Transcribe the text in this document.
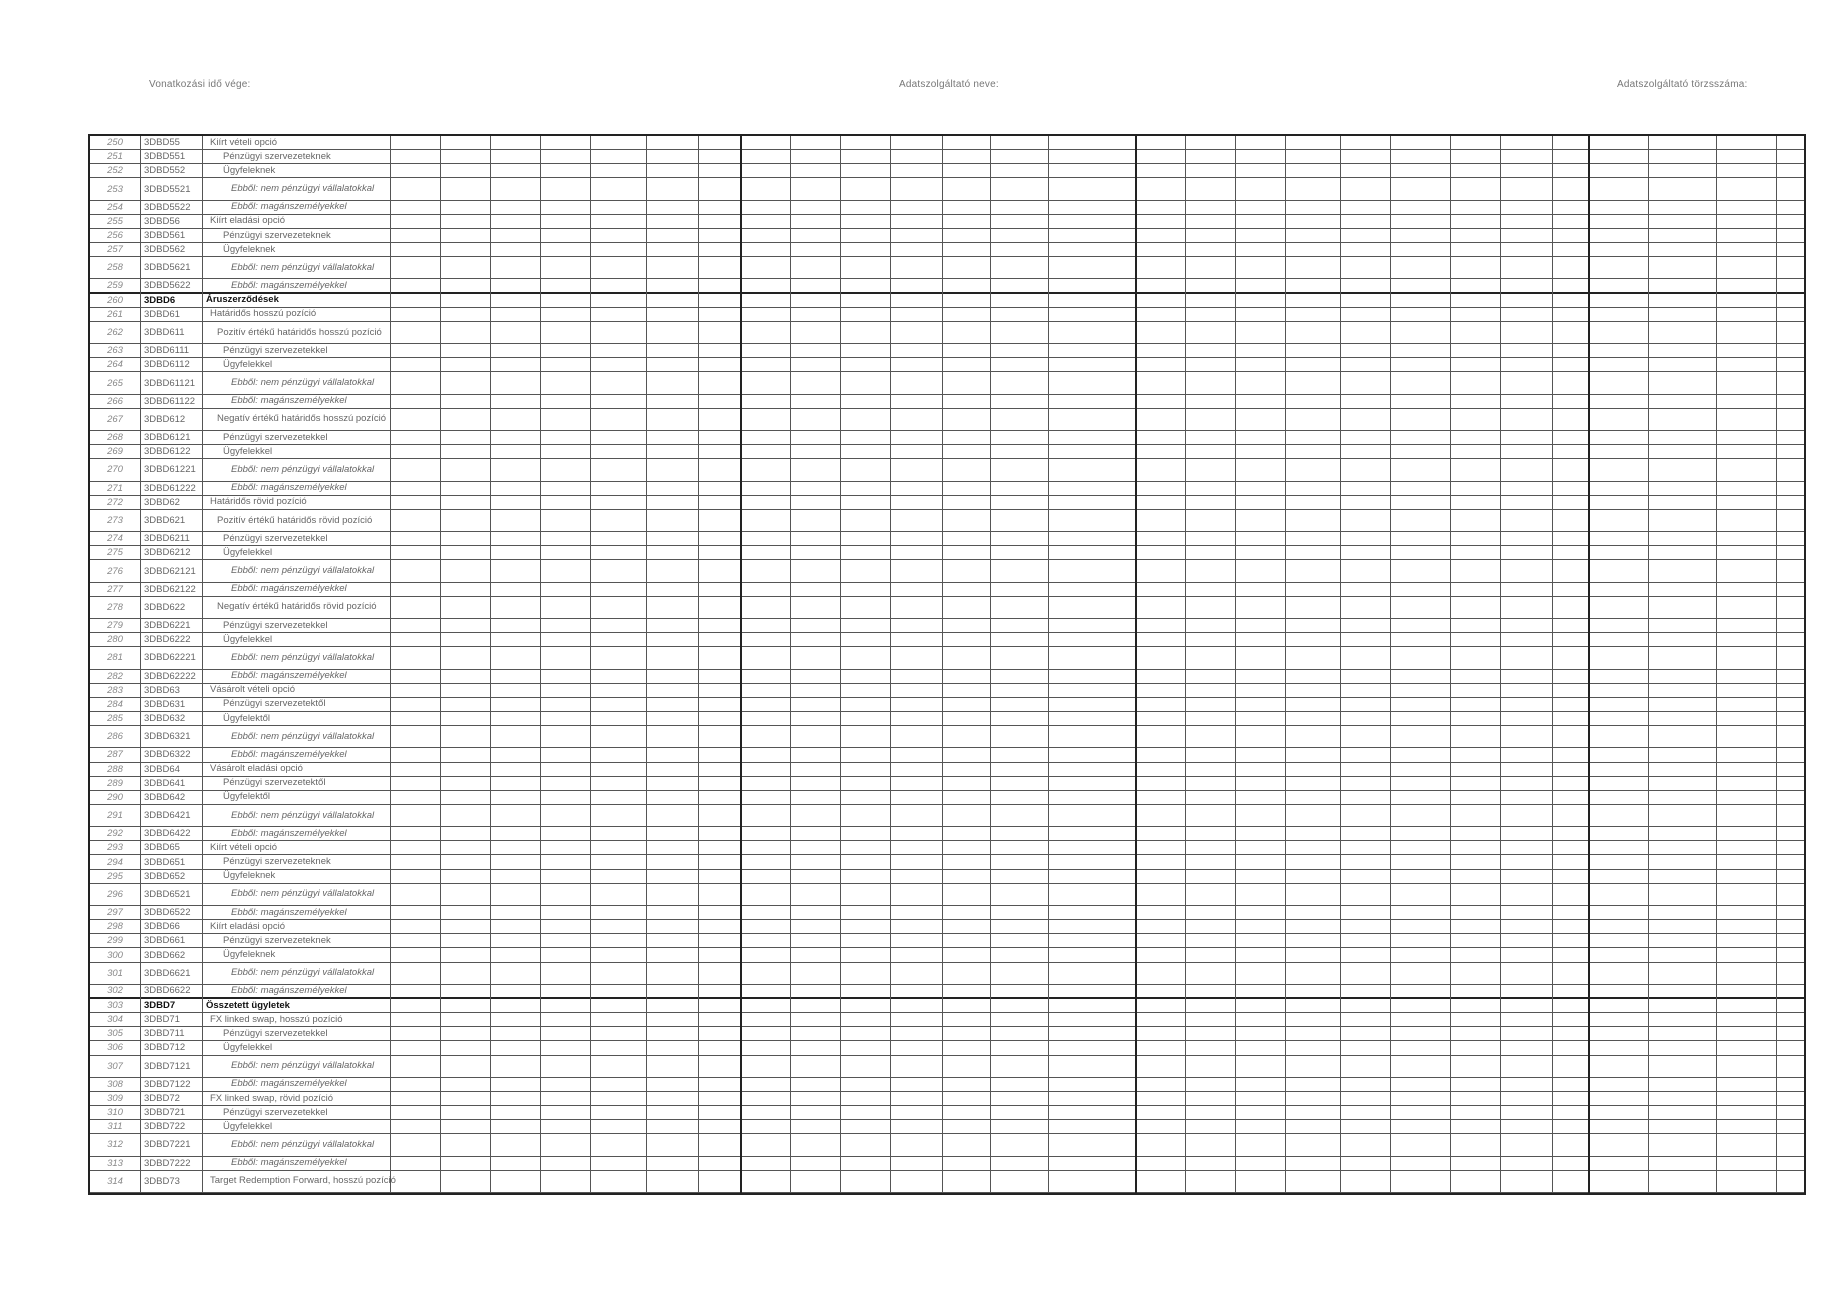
Vonatkozási idő vége:	Adatszolgáltató neve:	Adatszolgáltató törzsszáma:
250	3DBD55	Kiírt vételi opció
251	3DBD551	Pénzügyi szervezeteknek
252	3DBD552	Ügyfeleknek
253	3DBD5521	Ebből: nem pénzügyi vállalatokkal
254	3DBD5522	Ebből: magánszemélyekkel
255	3DBD56	Kiírt eladási opció
256	3DBD561	Pénzügyi szervezeteknek
257	3DBD562	Ügyfeleknek
258	3DBD5621	Ebből: nem pénzügyi vállalatokkal
259	3DBD5622	Ebből: magánszemélyekkel
260	3DBD6	Áruszerződések
261	3DBD61	Határidős hosszú pozíció
262	3DBD611	Pozitív értékű határidős hosszú pozíció
263	3DBD6111	Pénzügyi szervezetekkel
264	3DBD6112	Ügyfelekkel
265	3DBD61121	Ebből: nem pénzügyi vállalatokkal
266	3DBD61122	Ebből: magánszemélyekkel
267	3DBD612	Negatív értékű határidős hosszú pozíció
268	3DBD6121	Pénzügyi szervezetekkel
269	3DBD6122	Ügyfelekkel
270	3DBD61221	Ebből: nem pénzügyi vállalatokkal
271	3DBD61222	Ebből: magánszemélyekkel
272	3DBD62	Határidős rövid pozíció
273	3DBD621	Pozitív értékű határidős rövid pozíció
274	3DBD6211	Pénzügyi szervezetekkel
275	3DBD6212	Ügyfelekkel
276	3DBD62121	Ebből: nem pénzügyi vállalatokkal
277	3DBD62122	Ebből: magánszemélyekkel
278	3DBD622	Negatív értékű határidős rövid pozíció
279	3DBD6221	Pénzügyi szervezetekkel
280	3DBD6222	Ügyfelekkel
281	3DBD62221	Ebből: nem pénzügyi vállalatokkal
282	3DBD62222	Ebből: magánszemélyekkel
283	3DBD63	Vásárolt vételi opció
284	3DBD631	Pénzügyi szervezetektől
285	3DBD632	Ügyfelektől
286	3DBD6321	Ebből: nem pénzügyi vállalatokkal
287	3DBD6322	Ebből: magánszemélyekkel
288	3DBD64	Vásárolt eladási opció
289	3DBD641	Pénzügyi szervezetektől
290	3DBD642	Ügyfelektől
291	3DBD6421	Ebből: nem pénzügyi vállalatokkal
292	3DBD6422	Ebből: magánszemélyekkel
293	3DBD65	Kiírt vételi opció
294	3DBD651	Pénzügyi szervezeteknek
295	3DBD652	Ügyfeleknek
296	3DBD6521	Ebből: nem pénzügyi vállalatokkal
297	3DBD6522	Ebből: magánszemélyekkel
298	3DBD66	Kiírt eladási opció
299	3DBD661	Pénzügyi szervezeteknek
300	3DBD662	Ügyfeleknek
301	3DBD6621	Ebből: nem pénzügyi vállalatokkal
302	3DBD6622	Ebből: magánszemélyekkel
303	3DBD7	Összetett ügyletek
304	3DBD71	FX linked swap, hosszú pozíció
305	3DBD711	Pénzügyi szervezetekkel
306	3DBD712	Ügyfelekkel
307	3DBD7121	Ebből: nem pénzügyi vállalatokkal
308	3DBD7122	Ebből: magánszemélyekkel
309	3DBD72	FX linked swap, rövid pozíció
310	3DBD721	Pénzügyi szervezetekkel
311	3DBD722	Ügyfelekkel
312	3DBD7221	Ebből: nem pénzügyi vállalatokkal
313	3DBD7222	Ebből: magánszemélyekkel
314	3DBD73	Target Redemption Forward, hosszú pozíció
